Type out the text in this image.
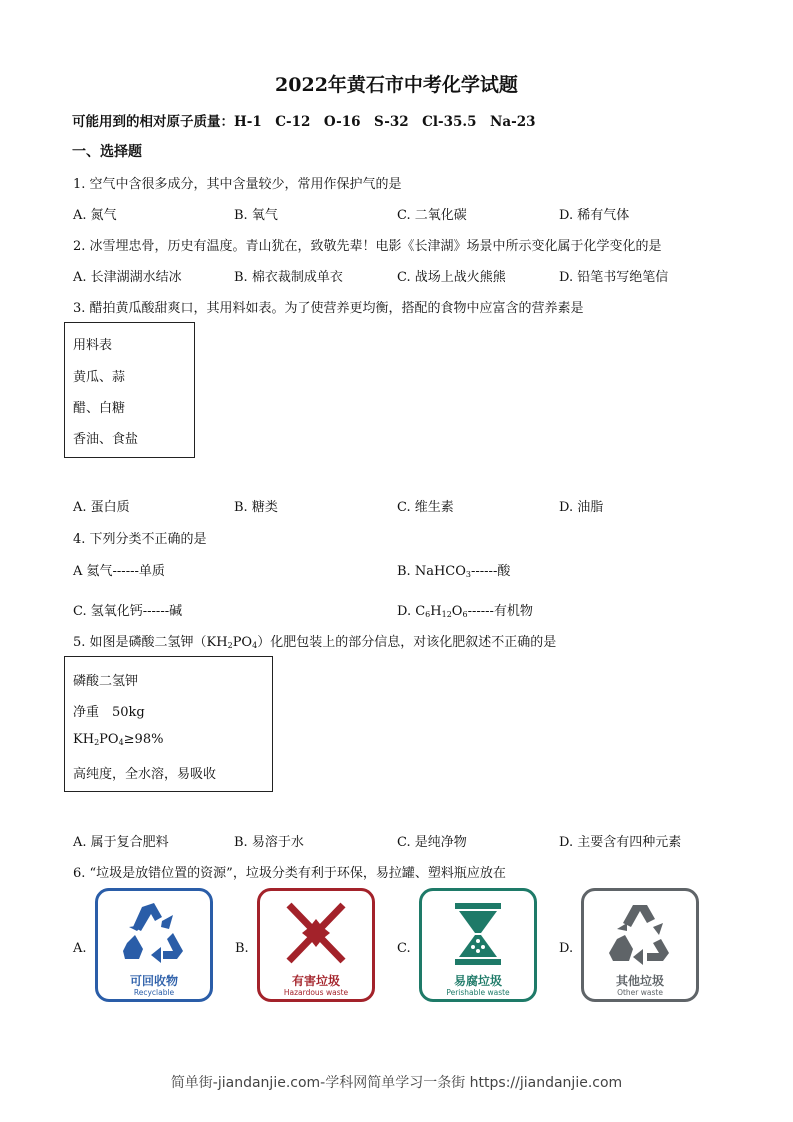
2022年黄石市中考化学试题
可能用到的相对原子质量：H-1　C-12　O-16　S-32　Cl-35.5　Na-23
一、选择题
1. 空气中含很多成分，其中含量较少，常用作保护气的是
A. 氮气	B. 氧气	C. 二氧化碳	D. 稀有气体
2. 冰雪埋忠骨，历史有温度。青山犹在，致敬先辈！电影《长津湖》场景中所示变化属于化学变化的是
A. 长津湖湖水结冰	B. 棉衣裁制成单衣	C. 战场上战火熊熊	D. 铅笔书写绝笔信
3. 醋拍黄瓜酸甜爽口，其用料如表。为了使营养更均衡，搭配的食物中应富含的营养素是
用料表
黄瓜、蒜
醋、白糖
香油、食盐
A. 蛋白质	B. 糖类	C. 维生素	D. 油脂
4. 下列分类不正确的是
A 氦气------单质	B. NaHCO$_3$------酸
C. 氢氧化钙------碱	D. $C_6H_{12}O_6------$有机物
5. 如图是磷酸二氢钾$(KH_2PO_4)$化肥包装上的部分信息，对该化肥叙述不正确的是
磷酸二氢钾
净重　50kg
$KH_2PO_4\ge 98\%$
高纯度，全水溶，易吸收
A. 属于复合肥料	B. 易溶于水	C. 是纯净物	D. 主要含有四种元素
6. “垃圾是放错位置的资源”，垃圾分类有利于环保，易拉罐、塑料瓶应放在
A.	B.	C.	D.
可回收物
Recyclable
有害垃圾
Hazardous waste
易腐垃圾
Perishable waste
其他垃圾
Other waste
简单街-jiandanjie.com-学科网简单学习一条街 https://jiandanjie.com
